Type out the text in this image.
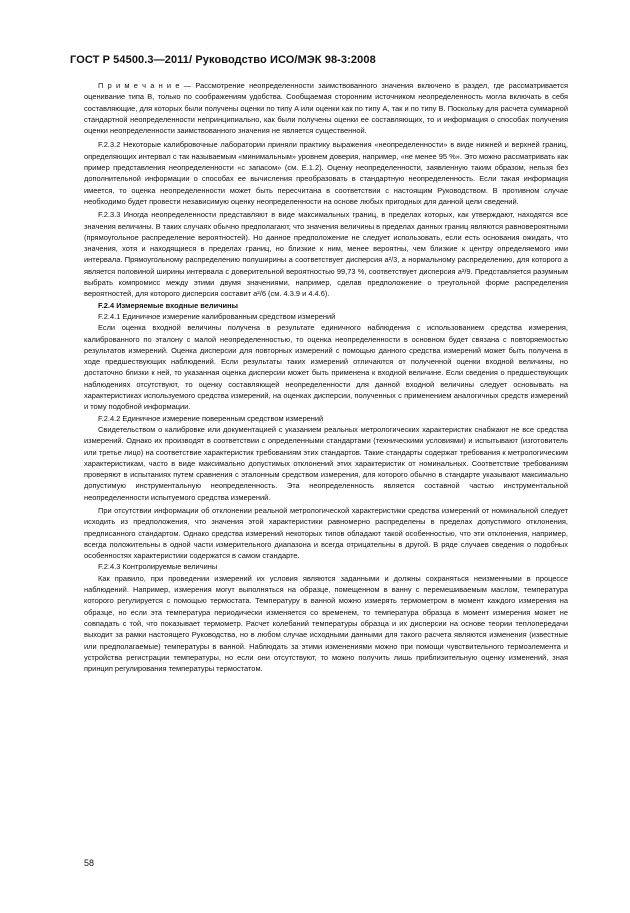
ГОСТ Р 54500.3—2011/ Руководство ИСО/МЭК 98-3:2008

П р и м е ч а н и е — Рассмотрение неопределенности заимствованного значения включено в раздел, где рассматривается оценивание типа B, только по соображениям удобства. Сообщаемая сторонним источником неопределенность могла включать в себя составляющие, для которых были получены оценки по типу A или оценки как по типу A, так и по типу B. Поскольку для расчета суммарной стандартной неопределенности непринципиально, как были получены оценки ее составляющих, то и информация о способах получения оценки неопределенности заимствованного значения не является существенной.

F.2.3.2 Некоторые калибровочные лаборатории приняли практику выражения «неопределенности» в виде нижней и верхней границ, определяющих интервал с так называемым «минимальным» уровнем доверия, например, «не менее 95 %». Это можно рассматривать как пример представления неопределенности «с запасом» (см. E.1.2). Оценку неопределенности, заявленную таким образом, нельзя без дополнительной информации о способах ее вычисления преобразовать в стандартную неопределенность. Если такая информация имеется, то оценка неопределенности может быть пересчитана в соответствии с настоящим Руководством. В противном случае необходимо будет провести независимую оценку неопределенности на основе любых пригодных для данной цели сведений.

F.2.3.3 Иногда неопределенности представляют в виде максимальных границ, в пределах которых, как утверждают, находятся все значения величины. В таких случаях обычно предполагают, что значения величины в пределах данных границ являются равновероятными (прямоугольное распределение вероятностей). Но данное предположение не следует использовать, если есть основания ожидать, что значения, хотя и находящиеся в пределах границ, но близкие к ним, менее вероятны, чем близкие к центру определяемого ими интервала. Прямоугольному распределению полуширины a соответствует дисперсия a²/3, а нормальному распределению, для которого a является половиной ширины интервала с доверительной вероятностью 99,73 %, соответствует дисперсия a²/9. Представляется разумным выбрать компромисс между этими двумя значениями, например, сделав предположение о треугольной форме распределения вероятностей, для которого дисперсия составит a²/6 (см. 4.3.9 и 4.4.6).

F.2.4 Измеряемые входные величины

F.2.4.1 Единичное измерение калиброванным средством измерений

Если оценка входной величины получена в результате единичного наблюдения с использованием средства измерения, калиброванного по эталону с малой неопределенностью, то оценка неопределенности в основном будет связана с повторяемостью результатов измерений. Оценка дисперсии для повторных измерений с помощью данного средства измерений может быть получена в ходе предшествующих наблюдений. Если результаты таких измерений отличаются от полученной оценки входной величины, но достаточно близки к ней, то указанная оценка дисперсии может быть применена к входной величине. Если сведения о предшествующих наблюдениях отсутствуют, то оценку составляющей неопределенности для данной входной величины следует основывать на характеристиках используемого средства измерений, на оценках дисперсии, полученных с применением аналогичных средств измерений и тому подобной информации.

F.2.4.2 Единичное измерение поверенным средством измерений

Свидетельством о калибровке или документацией с указанием реальных метрологических характеристик снабжают не все средства измерений. Однако их производят в соответствии с определенными стандартами (техническими условиями) и испытывают (изготовитель или третье лицо) на соответствие характеристик требованиям этих стандартов. Такие стандарты содержат требования к метрологическим характеристикам, часто в виде максимально допустимых отклонений этих характеристик от номинальных. Соответствие требованиям проверяют в испытаниях путем сравнения с эталонным средством измерения, для которого обычно в стандарте указывают максимально допустимую инструментальную неопределенность. Эта неопределенность является составной частью инструментальной неопределенности испытуемого средства измерений.

При отсутствии информации об отклонении реальной метрологической характеристики средства измерений от номинальной следует исходить из предположения, что значения этой характеристики равномерно распределены в пределах допустимого отклонения, предписанного стандартом. Однако средства измерений некоторых типов обладают такой особенностью, что эти отклонения, например, всегда положительны в одной части измерительного диапазона и всегда отрицательны в другой. В ряде случаев сведения о подобных особенностях характеристики содержатся в самом стандарте.

F.2.4.3 Контролируемые величины

Как правило, при проведении измерений их условия являются заданными и должны сохраняться неизменными в процессе наблюдений. Например, измерения могут выполняться на образце, помещенном в ванну с перемешиваемым маслом, температура которого регулируется с помощью термостата. Температуру в ванной можно измерять термометром в момент каждого измерения на образце, но если эта температура периодически изменяется со временем, то температура образца в момент измерения может не совпадать с той, что показывает термометр. Расчет колебаний температуры образца и их дисперсии на основе теории теплопередачи выходит за рамки настоящего Руководства, но в любом случае исходными данными для такого расчета являются изменения (известные или предполагаемые) температуры в ванной. Наблюдать за этими изменениями можно при помощи чувствительного термоэлемента и устройства регистрации температуры, но если они отсутствуют, то можно получить лишь приблизительную оценку изменений, зная принцип регулирования температуры термостатом.

58
